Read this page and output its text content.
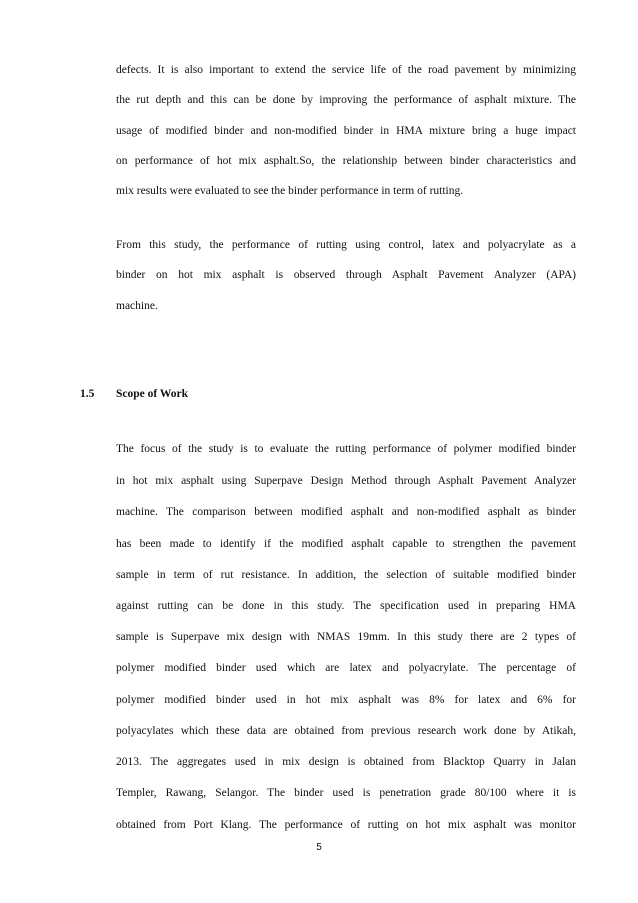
defects. It is also important to extend the service life of the road pavement by minimizing
the rut depth and this can be done by improving the performance of asphalt mixture. The
usage of modified binder and non-modified binder in HMA mixture bring a huge impact
on performance of hot mix asphalt.So, the relationship between binder characteristics and
mix results were evaluated to see the binder performance in term of rutting.
From this study, the performance of rutting using control, latex and polyacrylate as a
binder on hot mix asphalt is observed through Asphalt Pavement Analyzer (APA)
machine.
1.5 Scope of Work
The focus of the study is to evaluate the rutting performance of polymer modified binder
in hot mix asphalt using Superpave Design Method through Asphalt Pavement Analyzer
machine. The comparison between modified asphalt and non-modified asphalt as binder
has been made to identify if the modified asphalt capable to strengthen the pavement
sample in term of rut resistance. In addition, the selection of suitable modified binder
against rutting can be done in this study. The specification used in preparing HMA
sample is Superpave mix design with NMAS 19mm. In this study there are 2 types of
polymer modified binder used which are latex and polyacrylate. The percentage of
polymer modified binder used in hot mix asphalt was 8% for latex and 6% for
polyacylates which these data are obtained from previous research work done by Atikah,
2013. The aggregates used in mix design is obtained from Blacktop Quarry in Jalan
Templer, Rawang, Selangor. The binder used is penetration grade 80/100 where it is
obtained from Port Klang. The performance of rutting on hot mix asphalt was monitor
5
